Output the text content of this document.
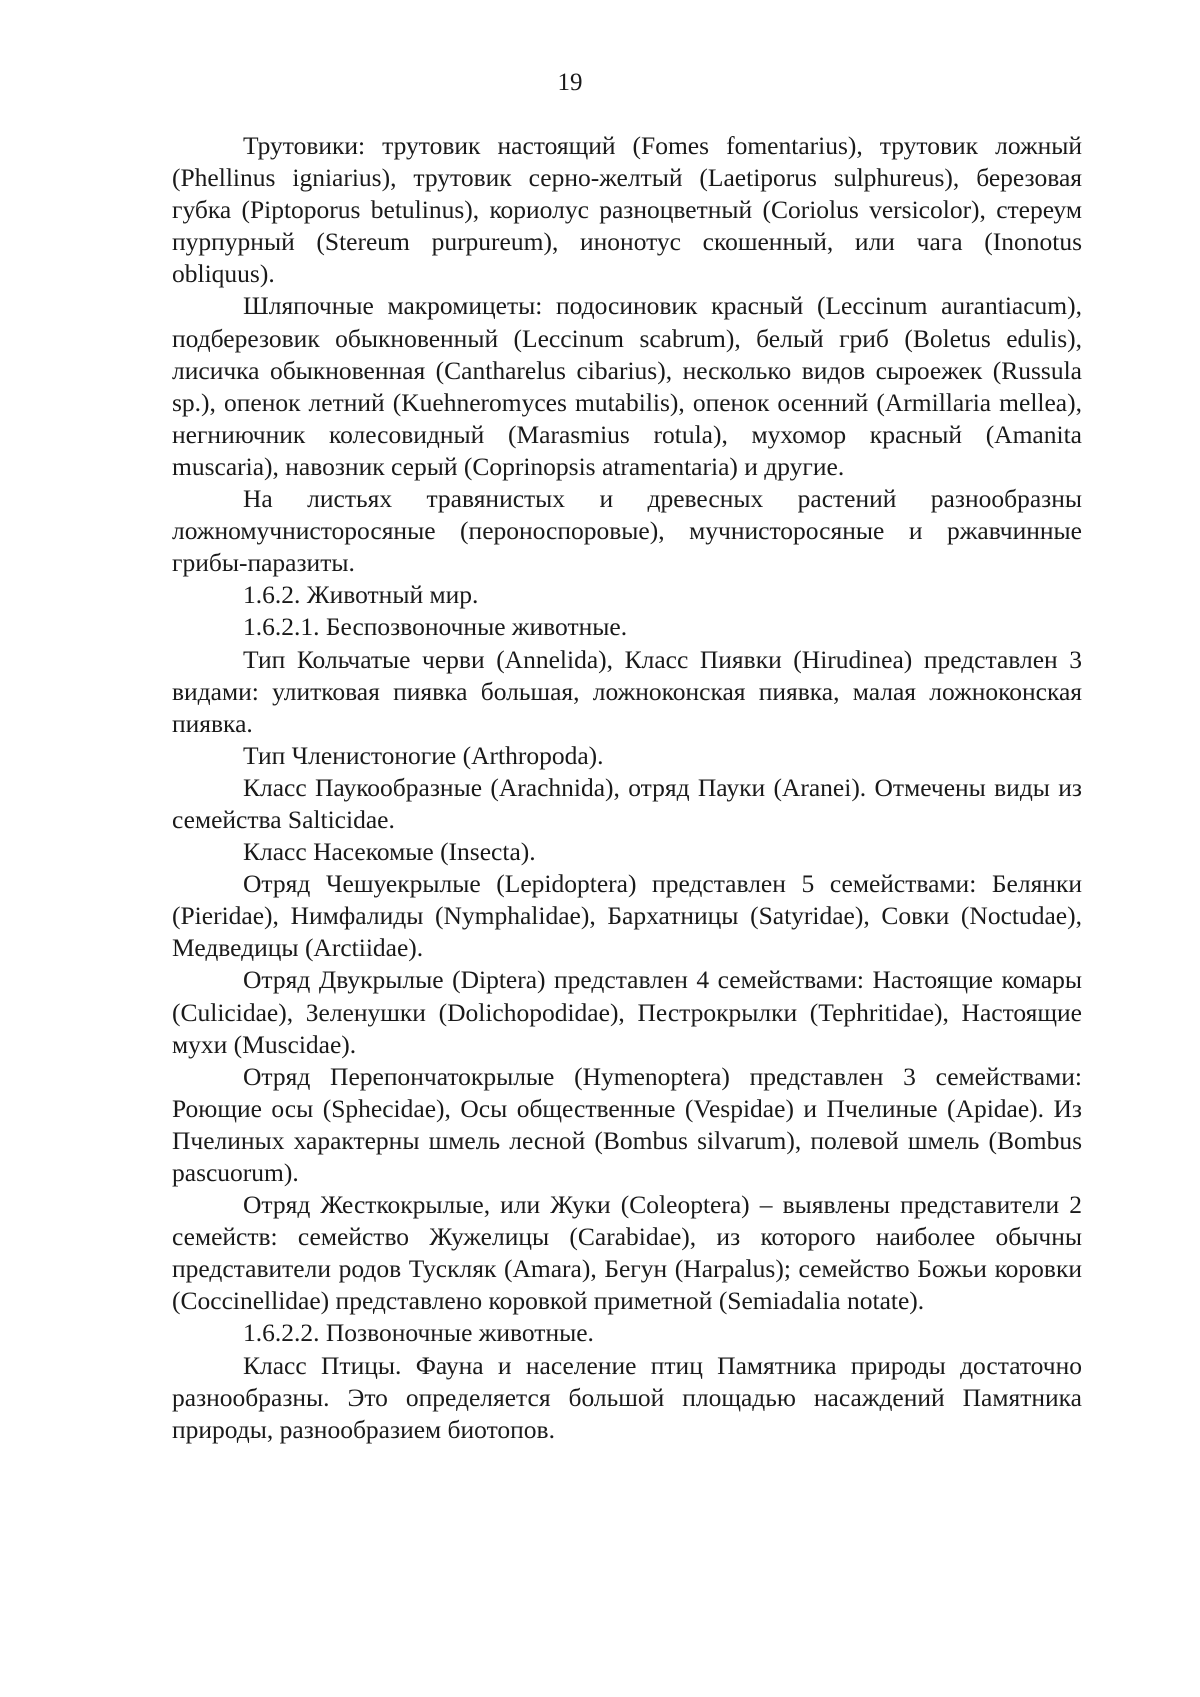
19

Трутовики: трутовик настоящий (Fomes fomentarius), трутовик ложный (Phellinus igniarius), трутовик серно-желтый (Laetiporus sulphureus), березовая губка (Piptoporus betulinus), кориолус разноцветный (Coriolus versicolor), стереум пурпурный (Stereum purpureum), инонотус скошенный, или чага (Inonotus obliquus).

Шляпочные макромицеты: подосиновик красный (Leccinum aurantiacum), подберезовик обыкновенный (Leccinum scabrum), белый гриб (Boletus edulis), лисичка обыкновенная (Cantharelus cibarius), несколько видов сыроежек (Russula sp.), опенок летний (Kuehneromyces mutabilis), опенок осенний (Armillaria mellea), негниючник колесовидный (Marasmius rotula), мухомор красный (Amanita muscaria), навозник серый (Coprinopsis atramentaria) и другие.

На листьях травянистых и древесных растений разнообразны ложномучнисторосяные (пероноспоровые), мучнисторосяные и ржавчинные грибы-паразиты.

1.6.2. Животный мир.

1.6.2.1. Беспозвоночные животные.

Тип Кольчатые черви (Annelida), Класс Пиявки (Hirudinea) представлен 3 видами: улитковая пиявка большая, ложноконская пиявка, малая ложноконская пиявка.

Тип Членистоногие (Arthropoda).

Класс Паукообразные (Arachnida), отряд Пауки (Aranei). Отмечены виды из семейства Salticidae.

Класс Насекомые (Insecta).

Отряд Чешуекрылые (Lepidoptera) представлен 5 семействами: Белянки (Pieridae), Нимфалиды (Nymphalidae), Бархатницы (Satyridae), Совки (Noctudae), Медведицы (Arctiidae).

Отряд Двукрылые (Diptera) представлен 4 семействами: Настоящие комары (Culicidae), Зеленушки (Dolichopodidae), Пестрокрылки (Tephritidae), Настоящие мухи (Muscidae).

Отряд Перепончатокрылые (Hymenoptera) представлен 3 семействами: Роющие осы (Sphecidae), Осы общественные (Vespidae) и Пчелиные (Apidae). Из Пчелиных характерны шмель лесной (Bombus silvarum), полевой шмель (Bombus pascuorum).

Отряд Жесткокрылые, или Жуки (Coleoptera) – выявлены представители 2 семейств: семейство Жужелицы (Carabidae), из которого наиболее обычны представители родов Тускляк (Amara), Бегун (Harpalus); семейство Божьи коровки (Coccinellidae) представлено коровкой приметной (Semiadalia notate).

1.6.2.2. Позвоночные животные.

Класс Птицы. Фауна и население птиц Памятника природы достаточно разнообразны. Это определяется большой площадью насаждений Памятника природы, разнообразием биотопов.
